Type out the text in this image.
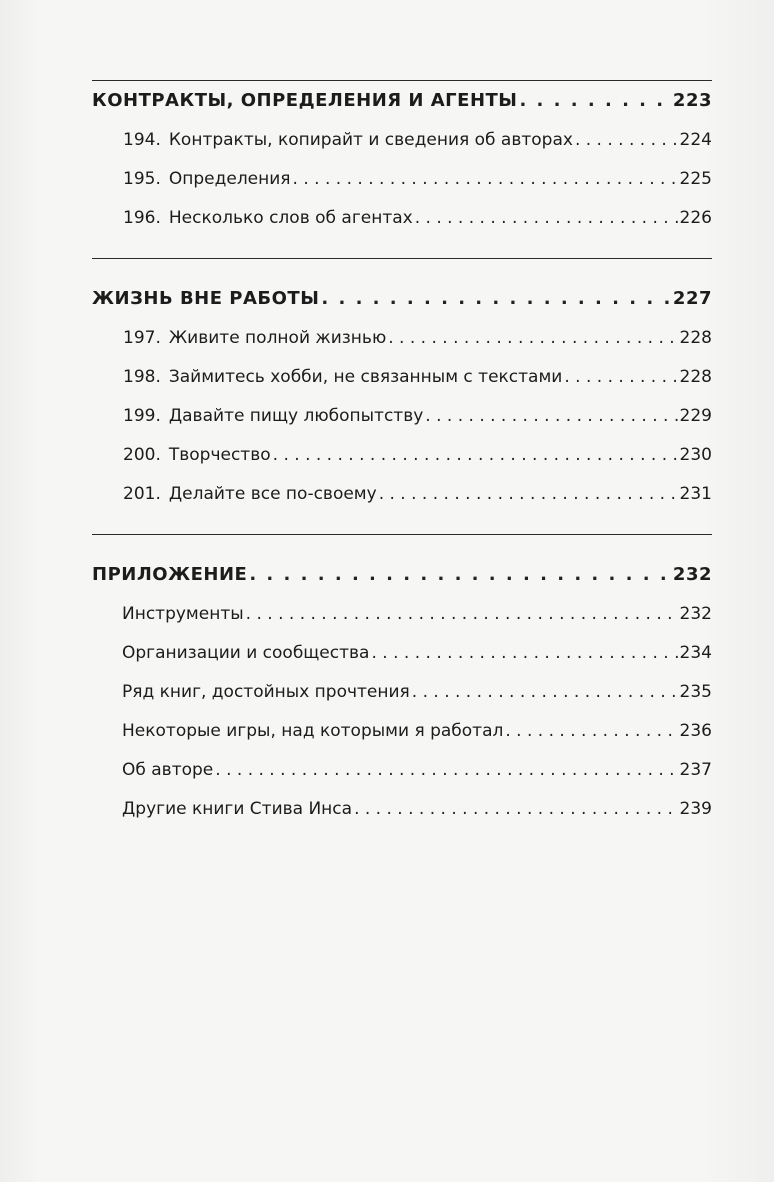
КОНТРАКТЫ, ОПРЕДЕЛЕНИЯ И АГЕНТЫ . . .	223
194. Контракты, копирайт и сведения об авторах . . .	224
195. Определения . . .	225
196. Несколько слов об агентах . . .	226
ЖИЗНЬ ВНЕ РАБОТЫ . . .	227
197. Живите полной жизнью . . .	228
198. Займитесь хобби, не связанным с текстами . . .	228
199. Давайте пищу любопытству . . .	229
200. Творчество . . .	230
201. Делайте все по-своему . . .	231
ПРИЛОЖЕНИЕ . . .	232
Инструменты . . .	232
Организации и сообщества . . .	234
Ряд книг, достойных прочтения . . .	235
Некоторые игры, над которыми я работал . . .	236
Об авторе . . .	237
Другие книги Стива Инса . . .	239
